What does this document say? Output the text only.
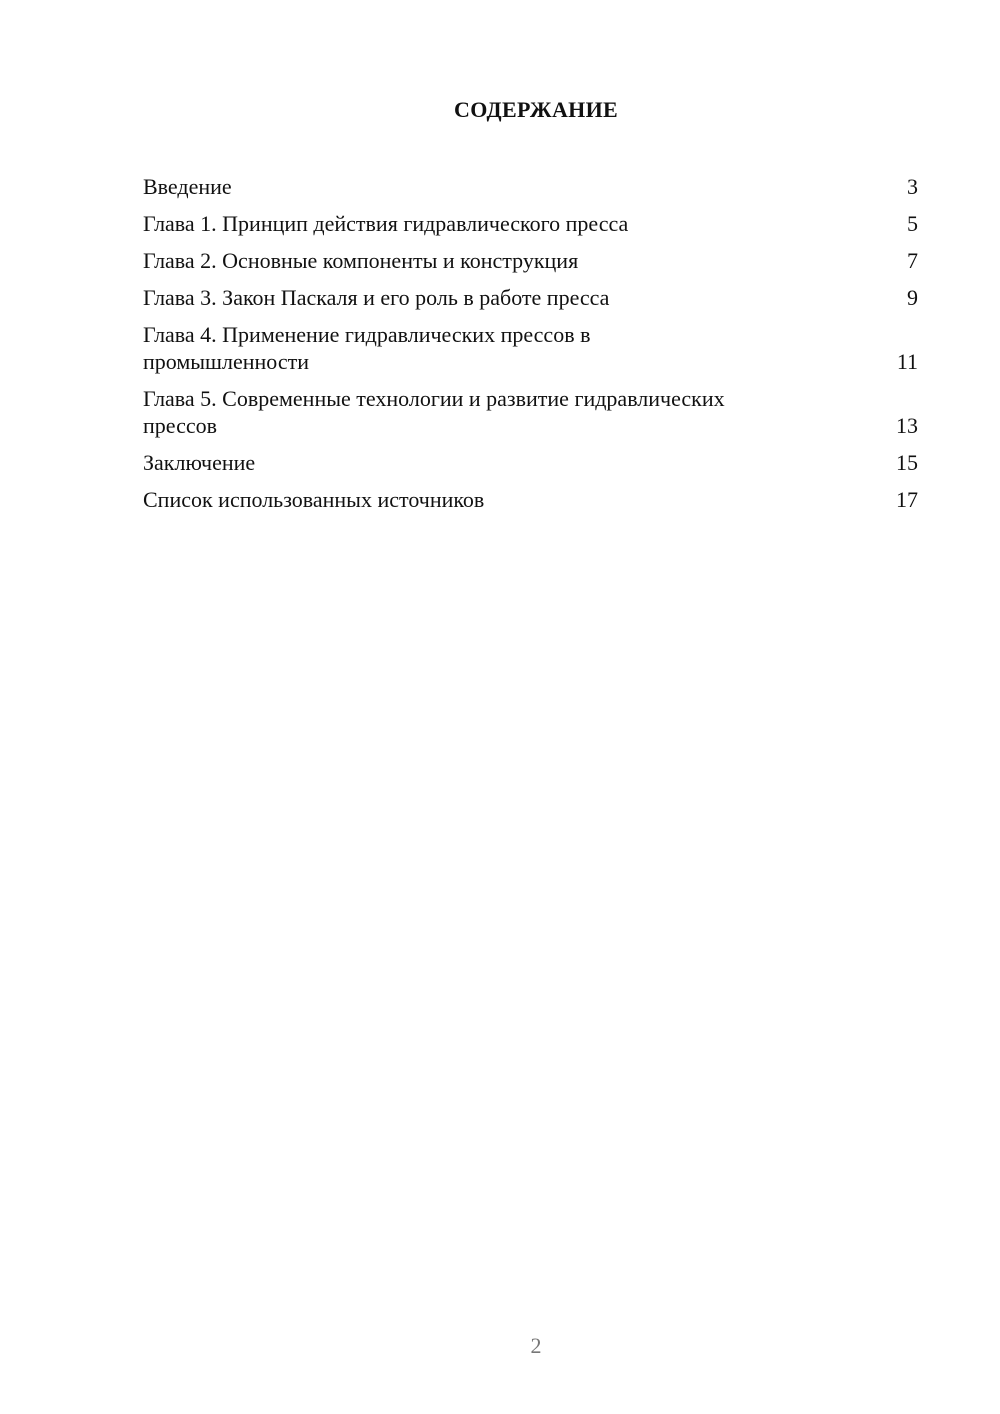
СОДЕРЖАНИЕ
Введение	3
Глава 1. Принцип действия гидравлического пресса	5
Глава 2. Основные компоненты и конструкция	7
Глава 3. Закон Паскаля и его роль в работе пресса	9
Глава 4. Применение гидравлических прессов в
промышленности	11
Глава 5. Современные технологии и развитие гидравлических
прессов	13
Заключение	15
Список использованных источников	17
2
